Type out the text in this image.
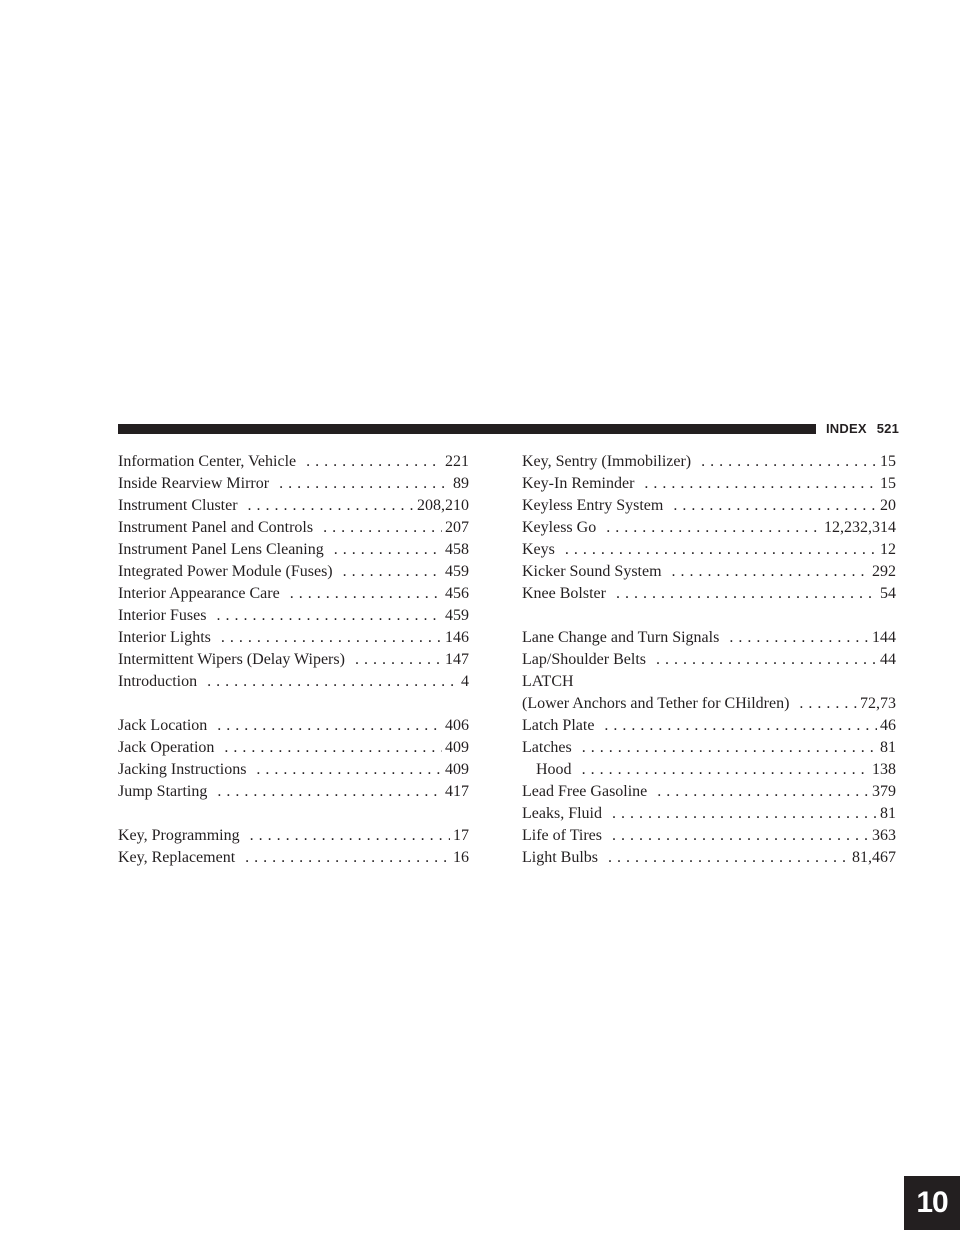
INDEX 521
Information Center, Vehicle . . .	221
Inside Rearview Mirror . . .	89
Instrument Cluster . . .	208,210
Instrument Panel and Controls . . .	207
Instrument Panel Lens Cleaning . . .	458
Integrated Power Module (Fuses) . . .	459
Interior Appearance Care . . .	456
Interior Fuses . . .	459
Interior Lights . . .	146
Intermittent Wipers (Delay Wipers) . . .	147
Introduction . . .	4
Jack Location . . .	406
Jack Operation . . .	409
Jacking Instructions . . .	409
Jump Starting . . .	417
Key, Programming . . .	17
Key, Replacement . . .	16
Key, Sentry (Immobilizer) . . .	15
Key-In Reminder . . .	15
Keyless Entry System . . .	20
Keyless Go . . .	12,232,314
Keys . . .	12
Kicker Sound System . . .	292
Knee Bolster . . .	54
Lane Change and Turn Signals . . .	144
Lap/Shoulder Belts . . .	44
LATCH
(Lower Anchors and Tether for CHildren) . . .	72,73
Latch Plate . . .	46
Latches . . .	81
Hood . . .	138
Lead Free Gasoline . . .	379
Leaks, Fluid . . .	81
Life of Tires . . .	363
Light Bulbs . . .	81,467
10
